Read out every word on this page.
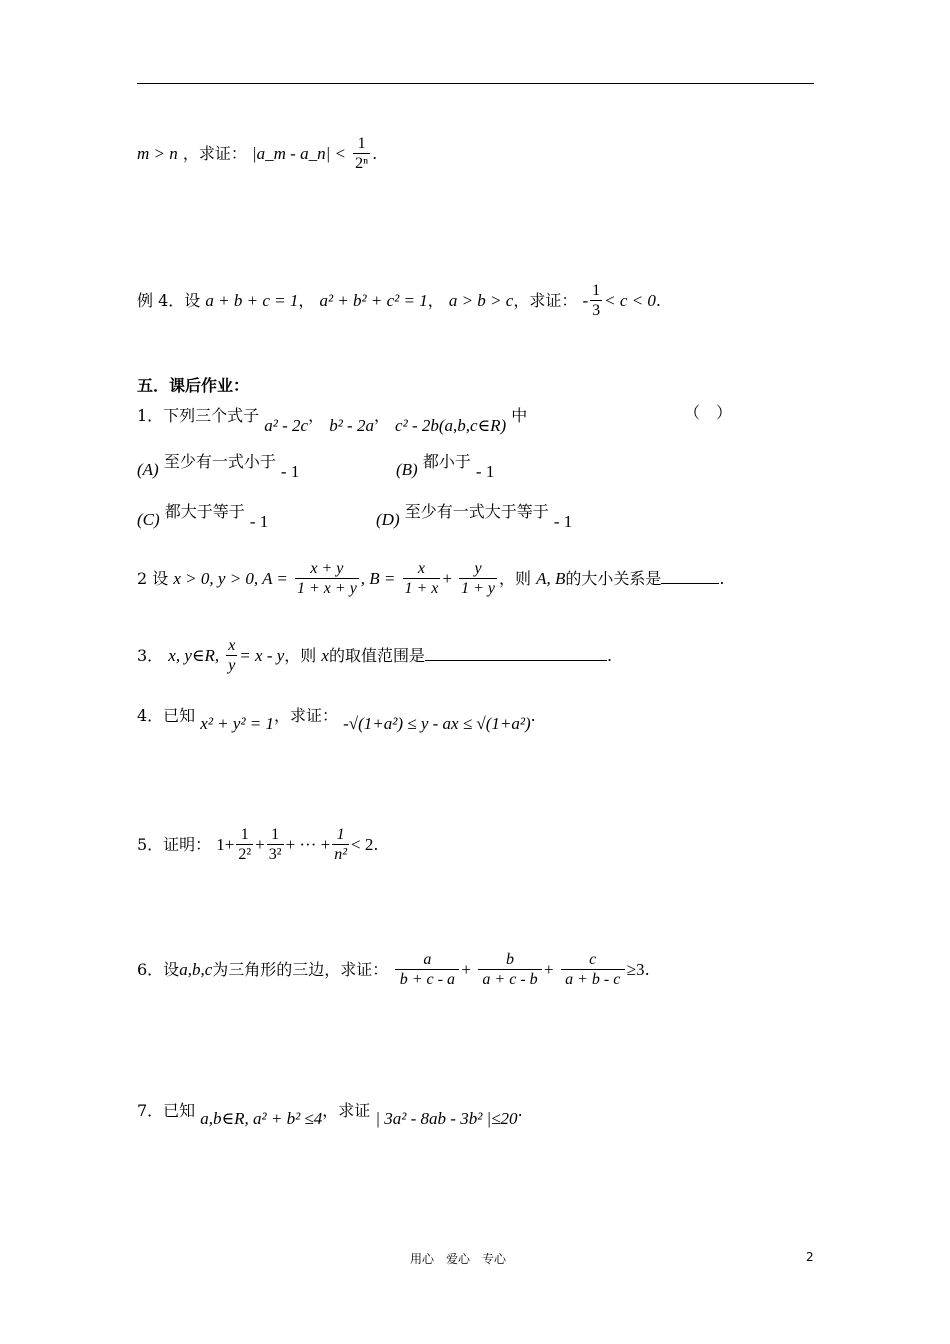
m > n ，求证： |a_m - a_n| < $\frac{1}{\text{2ⁿ}}$ .
例 4．设 a + b + c = 1， a² + b² + c² = 1， a > b > c，求证： - $\frac{1}{3} < c < 0$.
五．课后作业：
1．下列三个式子 a² - 2c， b² - 2a， c² - 2b(a,b,c∈R) 中	（　）
(A) 至少有一式小于 - 1	(B) 都小于 - 1
(C) 都大于等于 - 1	(D) 至少有一式大于等于 - 1
2 设 x > 0, y > 0, $A = \frac{x + y}{1 + x + y}$ , $B = \frac{x}{1 + x} + \frac{y}{1 + y}$ ，则 A, B的大小关系是	.
3． x, y∈R, $\frac{x}{y} = x - y$，则 x的取值范围是	.
4．已知 x² + y² = 1，求证： -√(1+a²) ≤ y - ax ≤ √(1+a²).
5．证明： $1+ \frac{1}{\text{2²}} + \frac{1}{\text{3²}}$ + ··· + $\frac{1}{\text{n²}} < 2$.
6．设a,b,c为三角形的三边，求证： $\frac{a}{b + c - a} + \frac{b}{a + c - b} + \frac{c}{a + b - c} \ge 3$.
7．已知 a,b∈R, a² + b² ≤4，求证 | 3a² - 8ab - 3b² |≤20.
用心　爱心　专心	2
